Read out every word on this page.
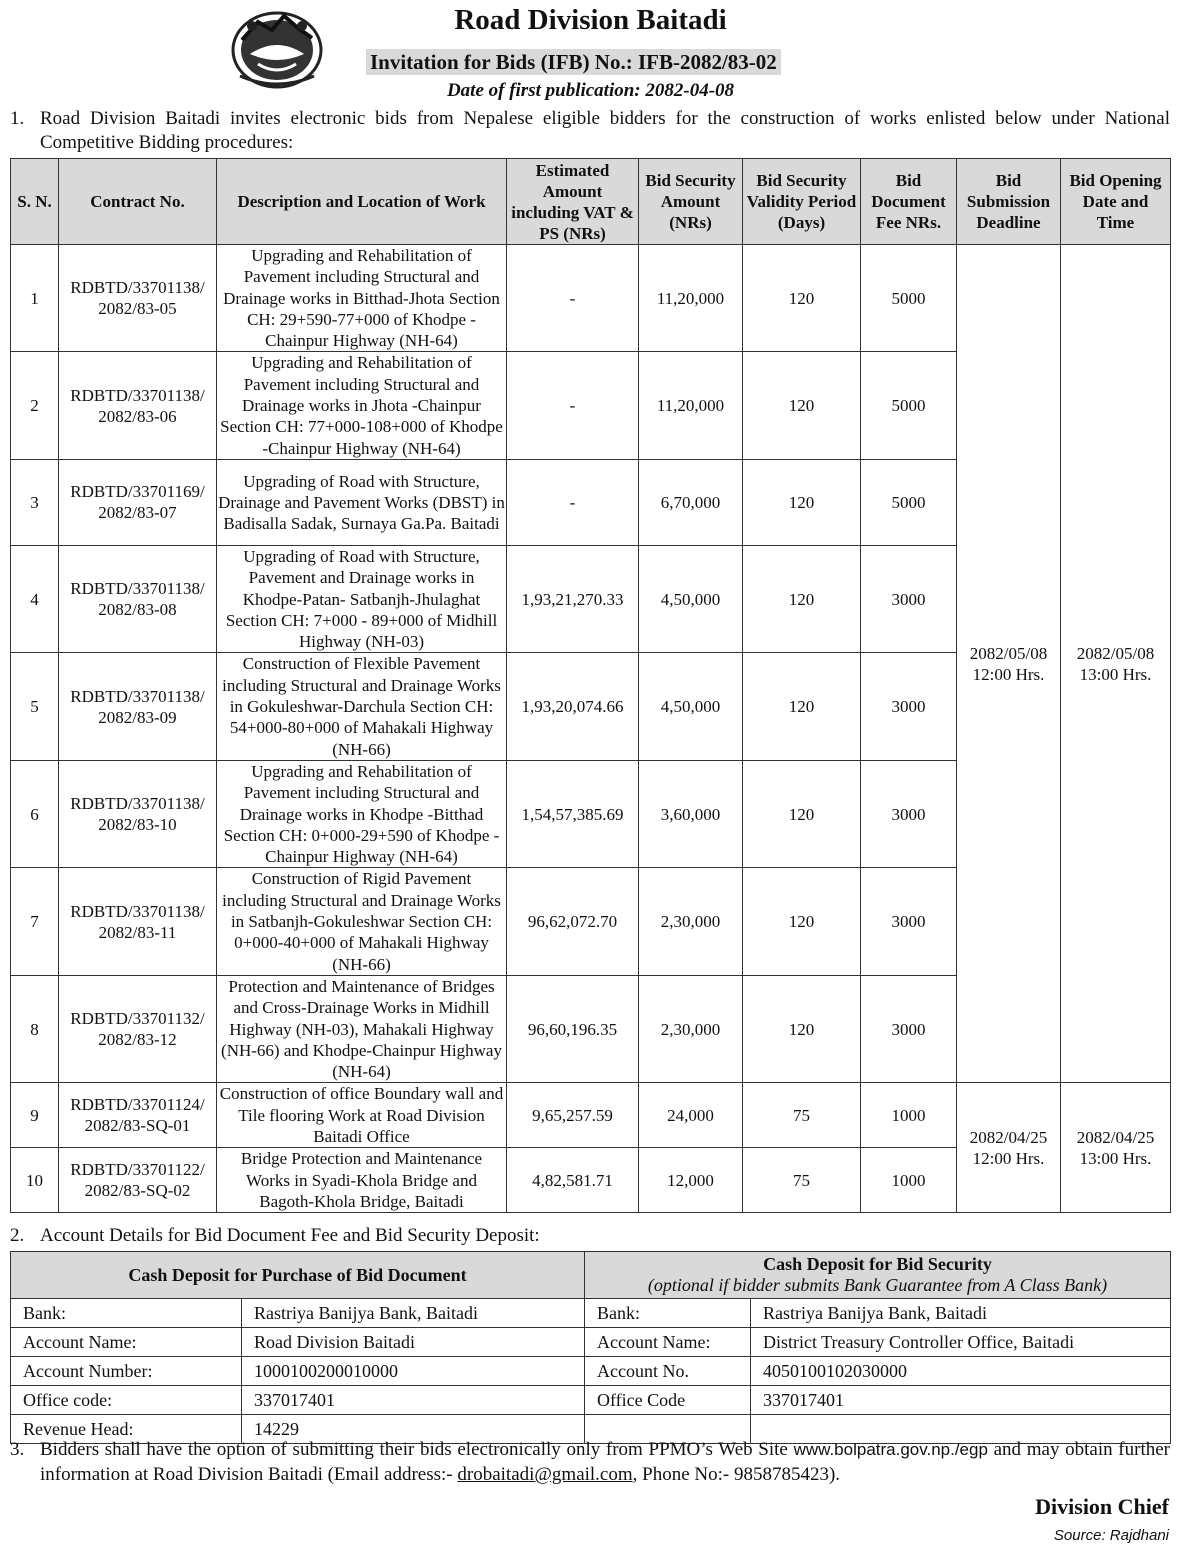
Road Division Baitadi
Invitation for Bids (IFB) No.: IFB-2082/83-02
Date of first publication: 2082-04-08
1. Road Division Baitadi invites electronic bids from Nepalese eligible bidders for the construction of works enlisted below under National Competitive Bidding procedures:
S. N.	Contract No.	Description and Location of Work	Estimated Amount including VAT & PS (NRs)	Bid Security Amount (NRs)	Bid Security Validity Period (Days)	Bid Document Fee NRs.	Bid Submission Deadline	Bid Opening Date and Time
1	RDBTD/33701138/ 2082/83-05	Upgrading and Rehabilitation of Pavement including Structural and Drainage works in Bitthad-Jhota Section CH: 29+590-77+000 of Khodpe -Chainpur Highway (NH-64)	-	11,20,000	120	5000	2082/05/08 12:00 Hrs.	2082/05/08 13:00 Hrs.
2	RDBTD/33701138/ 2082/83-06	Upgrading and Rehabilitation of Pavement including Structural and Drainage works in Jhota -Chainpur Section CH: 77+000-108+000 of Khodpe -Chainpur Highway (NH-64)	-	11,20,000	120	5000		
3	RDBTD/33701169/ 2082/83-07	Upgrading of Road with Structure, Drainage and Pavement Works (DBST) in Badisalla Sadak, Surnaya Ga.Pa. Baitadi	-	6,70,000	120	5000		
4	RDBTD/33701138/ 2082/83-08	Upgrading of Road with Structure, Pavement and Drainage works in Khodpe-Patan- Satbanjh-Jhulaghat Section CH: 7+000 - 89+000 of Midhill Highway (NH-03)	1,93,21,270.33	4,50,000	120	3000		
5	RDBTD/33701138/ 2082/83-09	Construction of Flexible Pavement including Structural and Drainage Works in Gokuleshwar-Darchula Section CH: 54+000-80+000 of Mahakali Highway (NH-66)	1,93,20,074.66	4,50,000	120	3000		
6	RDBTD/33701138/ 2082/83-10	Upgrading and Rehabilitation of Pavement including Structural and Drainage works in Khodpe -Bitthad Section CH: 0+000-29+590 of Khodpe -Chainpur Highway (NH-64)	1,54,57,385.69	3,60,000	120	3000		
7	RDBTD/33701138/ 2082/83-11	Construction of Rigid Pavement including Structural and Drainage Works in Satbanjh-Gokuleshwar Section CH: 0+000-40+000 of Mahakali Highway (NH-66)	96,62,072.70	2,30,000	120	3000		
8	RDBTD/33701132/ 2082/83-12	Protection and Maintenance of Bridges and Cross-Drainage Works in Midhill Highway (NH-03), Mahakali Highway (NH-66) and Khodpe-Chainpur Highway (NH-64)	96,60,196.35	2,30,000	120	3000		
9	RDBTD/33701124/ 2082/83-SQ-01	Construction of office Boundary wall and Tile flooring Work at Road Division Baitadi Office	9,65,257.59	24,000	75	1000	2082/04/25 12:00 Hrs.	2082/04/25 13:00 Hrs.
10	RDBTD/33701122/ 2082/83-SQ-02	Bridge Protection and Maintenance Works in Syadi-Khola Bridge and Bagoth-Khola Bridge, Baitadi	4,82,581.71	12,000	75	1000		
2. Account Details for Bid Document Fee and Bid Security Deposit:
Cash Deposit for Purchase of Bid Document		Cash Deposit for Bid Security
(optional if bidder submits Bank Guarantee from A Class Bank)	

Bank:	Rastriya Banijya Bank, Baitadi	Bank:	Rastriya Banijya Bank, Baitadi
Account Name:	Road Division Baitadi	Account Name:	District Treasury Controller Office, Baitadi
Account Number:	1000100200010000	Account No.	4050100102030000
Office code:	337017401	Office Code	337017401
Revenue Head:	14229		
3. Bidders shall have the option of submitting their bids electronically only from PPMO’s Web Site www.bolpatra.gov.np./egp and may obtain further information at Road Division Baitadi (Email address:- drobaitadi@gmail.com, Phone No:- 9858785423).
Division Chief
Source: Rajdhani
